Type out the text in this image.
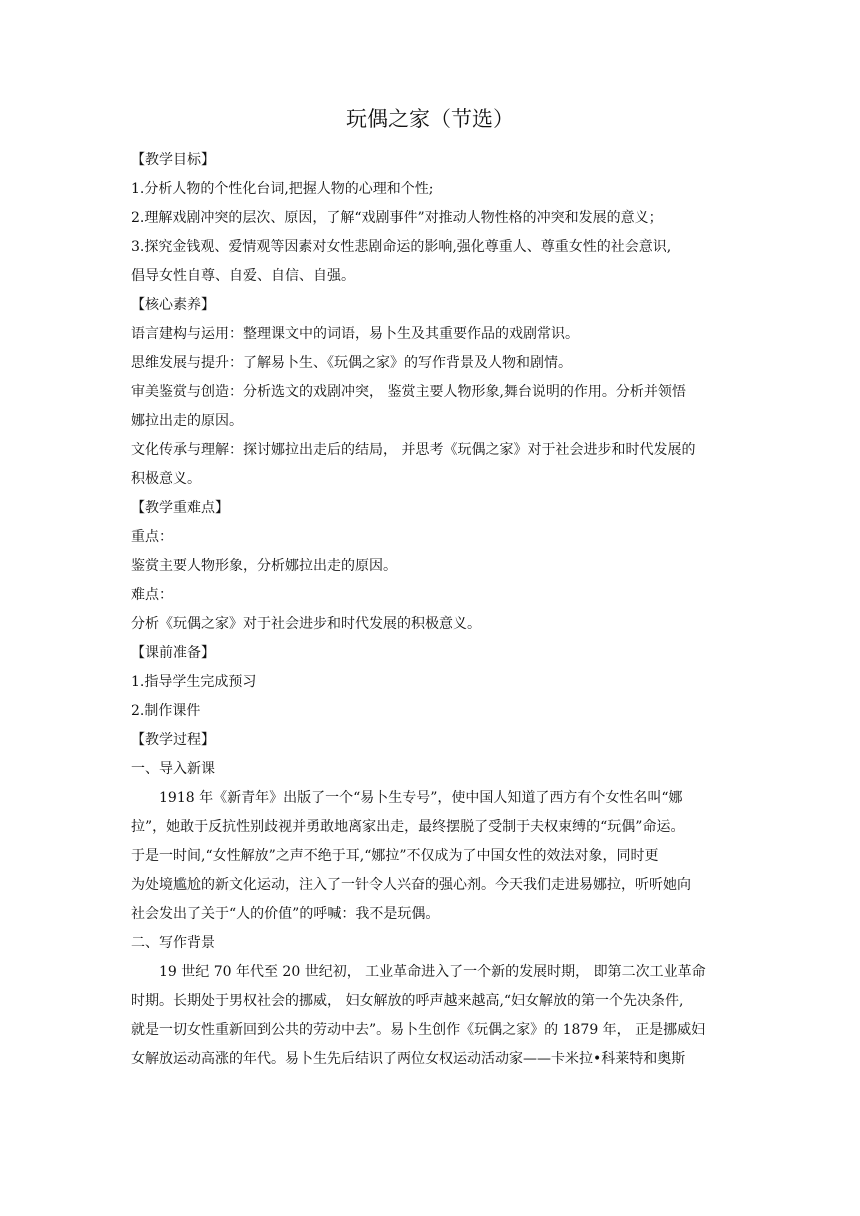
玩偶之家（节选）
【教学目标】
1.分析人物的个性化台词,把握人物的心理和个性;
2.理解戏剧冲突的层次、原因，了解“戏剧事件”对推动人物性格的冲突和发展的意义；
3.探究金钱观、爱情观等因素对女性悲剧命运的影响,强化尊重人、尊重女性的社会意识,
倡导女性自尊、自爱、自信、自强。
【核心素养】
语言建构与运用：整理课文中的词语，易卜生及其重要作品的戏剧常识。
思维发展与提升：了解易卜生、《玩偶之家》的写作背景及人物和剧情。
审美鉴赏与创造：分析选文的戏剧冲突， 鉴赏主要人物形象,舞台说明的作用。分析并领悟
娜拉出走的原因。
文化传承与理解：探讨娜拉出走后的结局， 并思考《玩偶之家》对于社会进步和时代发展的
积极意义。
【教学重难点】
重点：
鉴赏主要人物形象，分析娜拉出走的原因。
难点：
分析《玩偶之家》对于社会进步和时代发展的积极意义。
【课前准备】
1.指导学生完成预习
2.制作课件
【教学过程】
一、导入新课
1918 年《新青年》出版了一个“易卜生专号”，使中国人知道了西方有个女性名叫“娜
拉”，她敢于反抗性别歧视并勇敢地离家出走，最终摆脱了受制于夫权束缚的“玩偶”命运。
于是一时间,“女性解放”之声不绝于耳,“娜拉”不仅成为了中国女性的效法对象，同时更
为处境尴尬的新文化运动，注入了一针令人兴奋的强心剂。今天我们走进易娜拉，听听她向
社会发出了关于“人的价值”的呼喊：我不是玩偶。
二、写作背景
19 世纪 70 年代至 20 世纪初， 工业革命进入了一个新的发展时期， 即第二次工业革命
时期。长期处于男权社会的挪威， 妇女解放的呼声越来越高,“妇女解放的第一个先决条件,
就是一切女性重新回到公共的劳动中去”。易卜生创作《玩偶之家》的 1879 年， 正是挪威妇
女解放运动高涨的年代。易卜生先后结识了两位女权运动活动家——卡米拉•科莱特和奥斯
